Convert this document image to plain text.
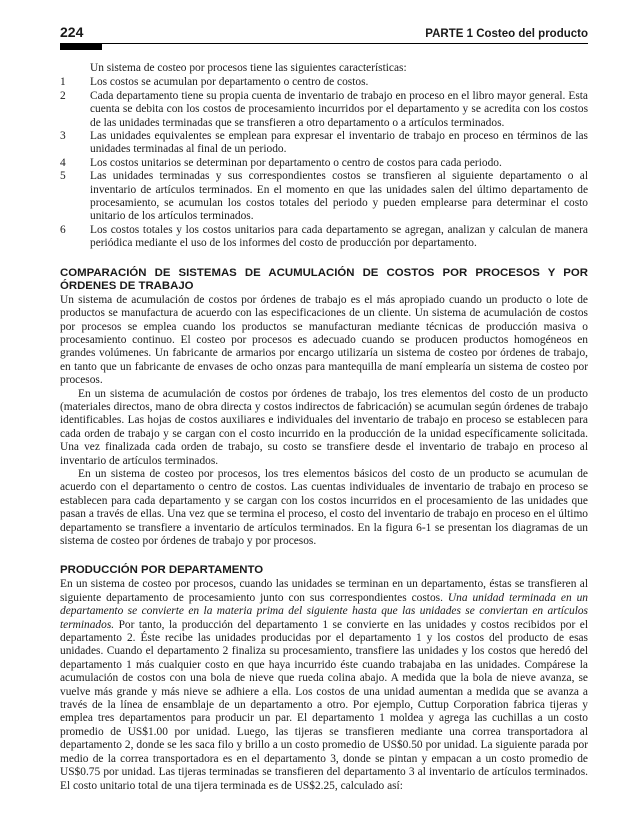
224	PARTE 1 Costeo del producto

Un sistema de costeo por procesos tiene las siguientes características:

1	Los costos se acumulan por departamento o centro de costos.
2	Cada departamento tiene su propia cuenta de inventario de trabajo en proceso en el libro mayor general. Esta cuenta se debita con los costos de procesamiento incurridos por el departamento y se acredita con los costos de las unidades terminadas que se transfieren a otro departamento o a artículos terminados.
3	Las unidades equivalentes se emplean para expresar el inventario de trabajo en proceso en términos de las unidades terminadas al final de un periodo.
4	Los costos unitarios se determinan por departamento o centro de costos para cada periodo.
5	Las unidades terminadas y sus correspondientes costos se transfieren al siguiente departamento o al inventario de artículos terminados. En el momento en que las unidades salen del último departamento de procesamiento, se acumulan los costos totales del periodo y pueden emplearse para determinar el costo unitario de los artículos terminados.
6	Los costos totales y los costos unitarios para cada departamento se agregan, analizan y calculan de manera periódica mediante el uso de los informes del costo de producción por departamento.
COMPARACIÓN DE SISTEMAS DE ACUMULACIÓN DE COSTOS POR PROCESOS Y POR ÓRDENES DE TRABAJO

Un sistema de acumulación de costos por órdenes de trabajo es el más apropiado cuando un producto o lote de productos se manufactura de acuerdo con las especificaciones de un cliente. Un sistema de acumulación de costos por procesos se emplea cuando los productos se manufacturan mediante técnicas de producción masiva o procesamiento continuo. El costeo por procesos es adecuado cuando se producen productos homogéneos en grandes volúmenes. Un fabricante de armarios por encargo utilizaría un sistema de costeo por órdenes de trabajo, en tanto que un fabricante de envases de ocho onzas para mantequilla de maní emplearía un sistema de costeo por procesos.

En un sistema de acumulación de costos por órdenes de trabajo, los tres elementos del costo de un producto (materiales directos, mano de obra directa y costos indirectos de fabricación) se acumulan según órdenes de trabajo identificables. Las hojas de costos auxiliares e individuales del inventario de trabajo en proceso se establecen para cada orden de trabajo y se cargan con el costo incurrido en la producción de la unidad específicamente solicitada. Una vez finalizada cada orden de trabajo, su costo se transfiere desde el inventario de trabajo en proceso al inventario de artículos terminados.

En un sistema de costeo por procesos, los tres elementos básicos del costo de un producto se acumulan de acuerdo con el departamento o centro de costos. Las cuentas individuales de inventario de trabajo en proceso se establecen para cada departamento y se cargan con los costos incurridos en el procesamiento de las unidades que pasan a través de ellas. Una vez que se termina el proceso, el costo del inventario de trabajo en proceso en el último departamento se transfiere a inventario de artículos terminados. En la figura 6-1 se presentan los diagramas de un sistema de costeo por órdenes de trabajo y por procesos.

PRODUCCIÓN POR DEPARTAMENTO

En un sistema de costeo por procesos, cuando las unidades se terminan en un departamento, éstas se transfieren al siguiente departamento de procesamiento junto con sus correspondientes costos. Una unidad terminada en un departamento se convierte en la materia prima del siguiente hasta que las unidades se conviertan en artículos terminados. Por tanto, la producción del departamento 1 se convierte en las unidades y costos recibidos por el departamento 2. Éste recibe las unidades producidas por el departamento 1 y los costos del producto de esas unidades. Cuando el departamento 2 finaliza su procesamiento, transfiere las unidades y los costos que heredó del departamento 1 más cualquier costo en que haya incurrido éste cuando trabajaba en las unidades. Compárese la acumulación de costos con una bola de nieve que rueda colina abajo. A medida que la bola de nieve avanza, se vuelve más grande y más nieve se adhiere a ella. Los costos de una unidad aumentan a medida que se avanza a través de la línea de ensamblaje de un departamento a otro. Por ejemplo, Cuttup Corporation fabrica tijeras y emplea tres departamentos para producir un par. El departamento 1 moldea y agrega las cuchillas a un costo promedio de US$1.00 por unidad. Luego, las tijeras se transfieren mediante una correa transportadora al departamento 2, donde se les saca filo y brillo a un costo promedio de US$0.50 por unidad. La siguiente parada por medio de la correa transportadora es en el departamento 3, donde se pintan y empacan a un costo promedio de US$0.75 por unidad. Las tijeras terminadas se transfieren del departamento 3 al inventario de artículos terminados. El costo unitario total de una tijera terminada es de US$2.25, calculado así:
